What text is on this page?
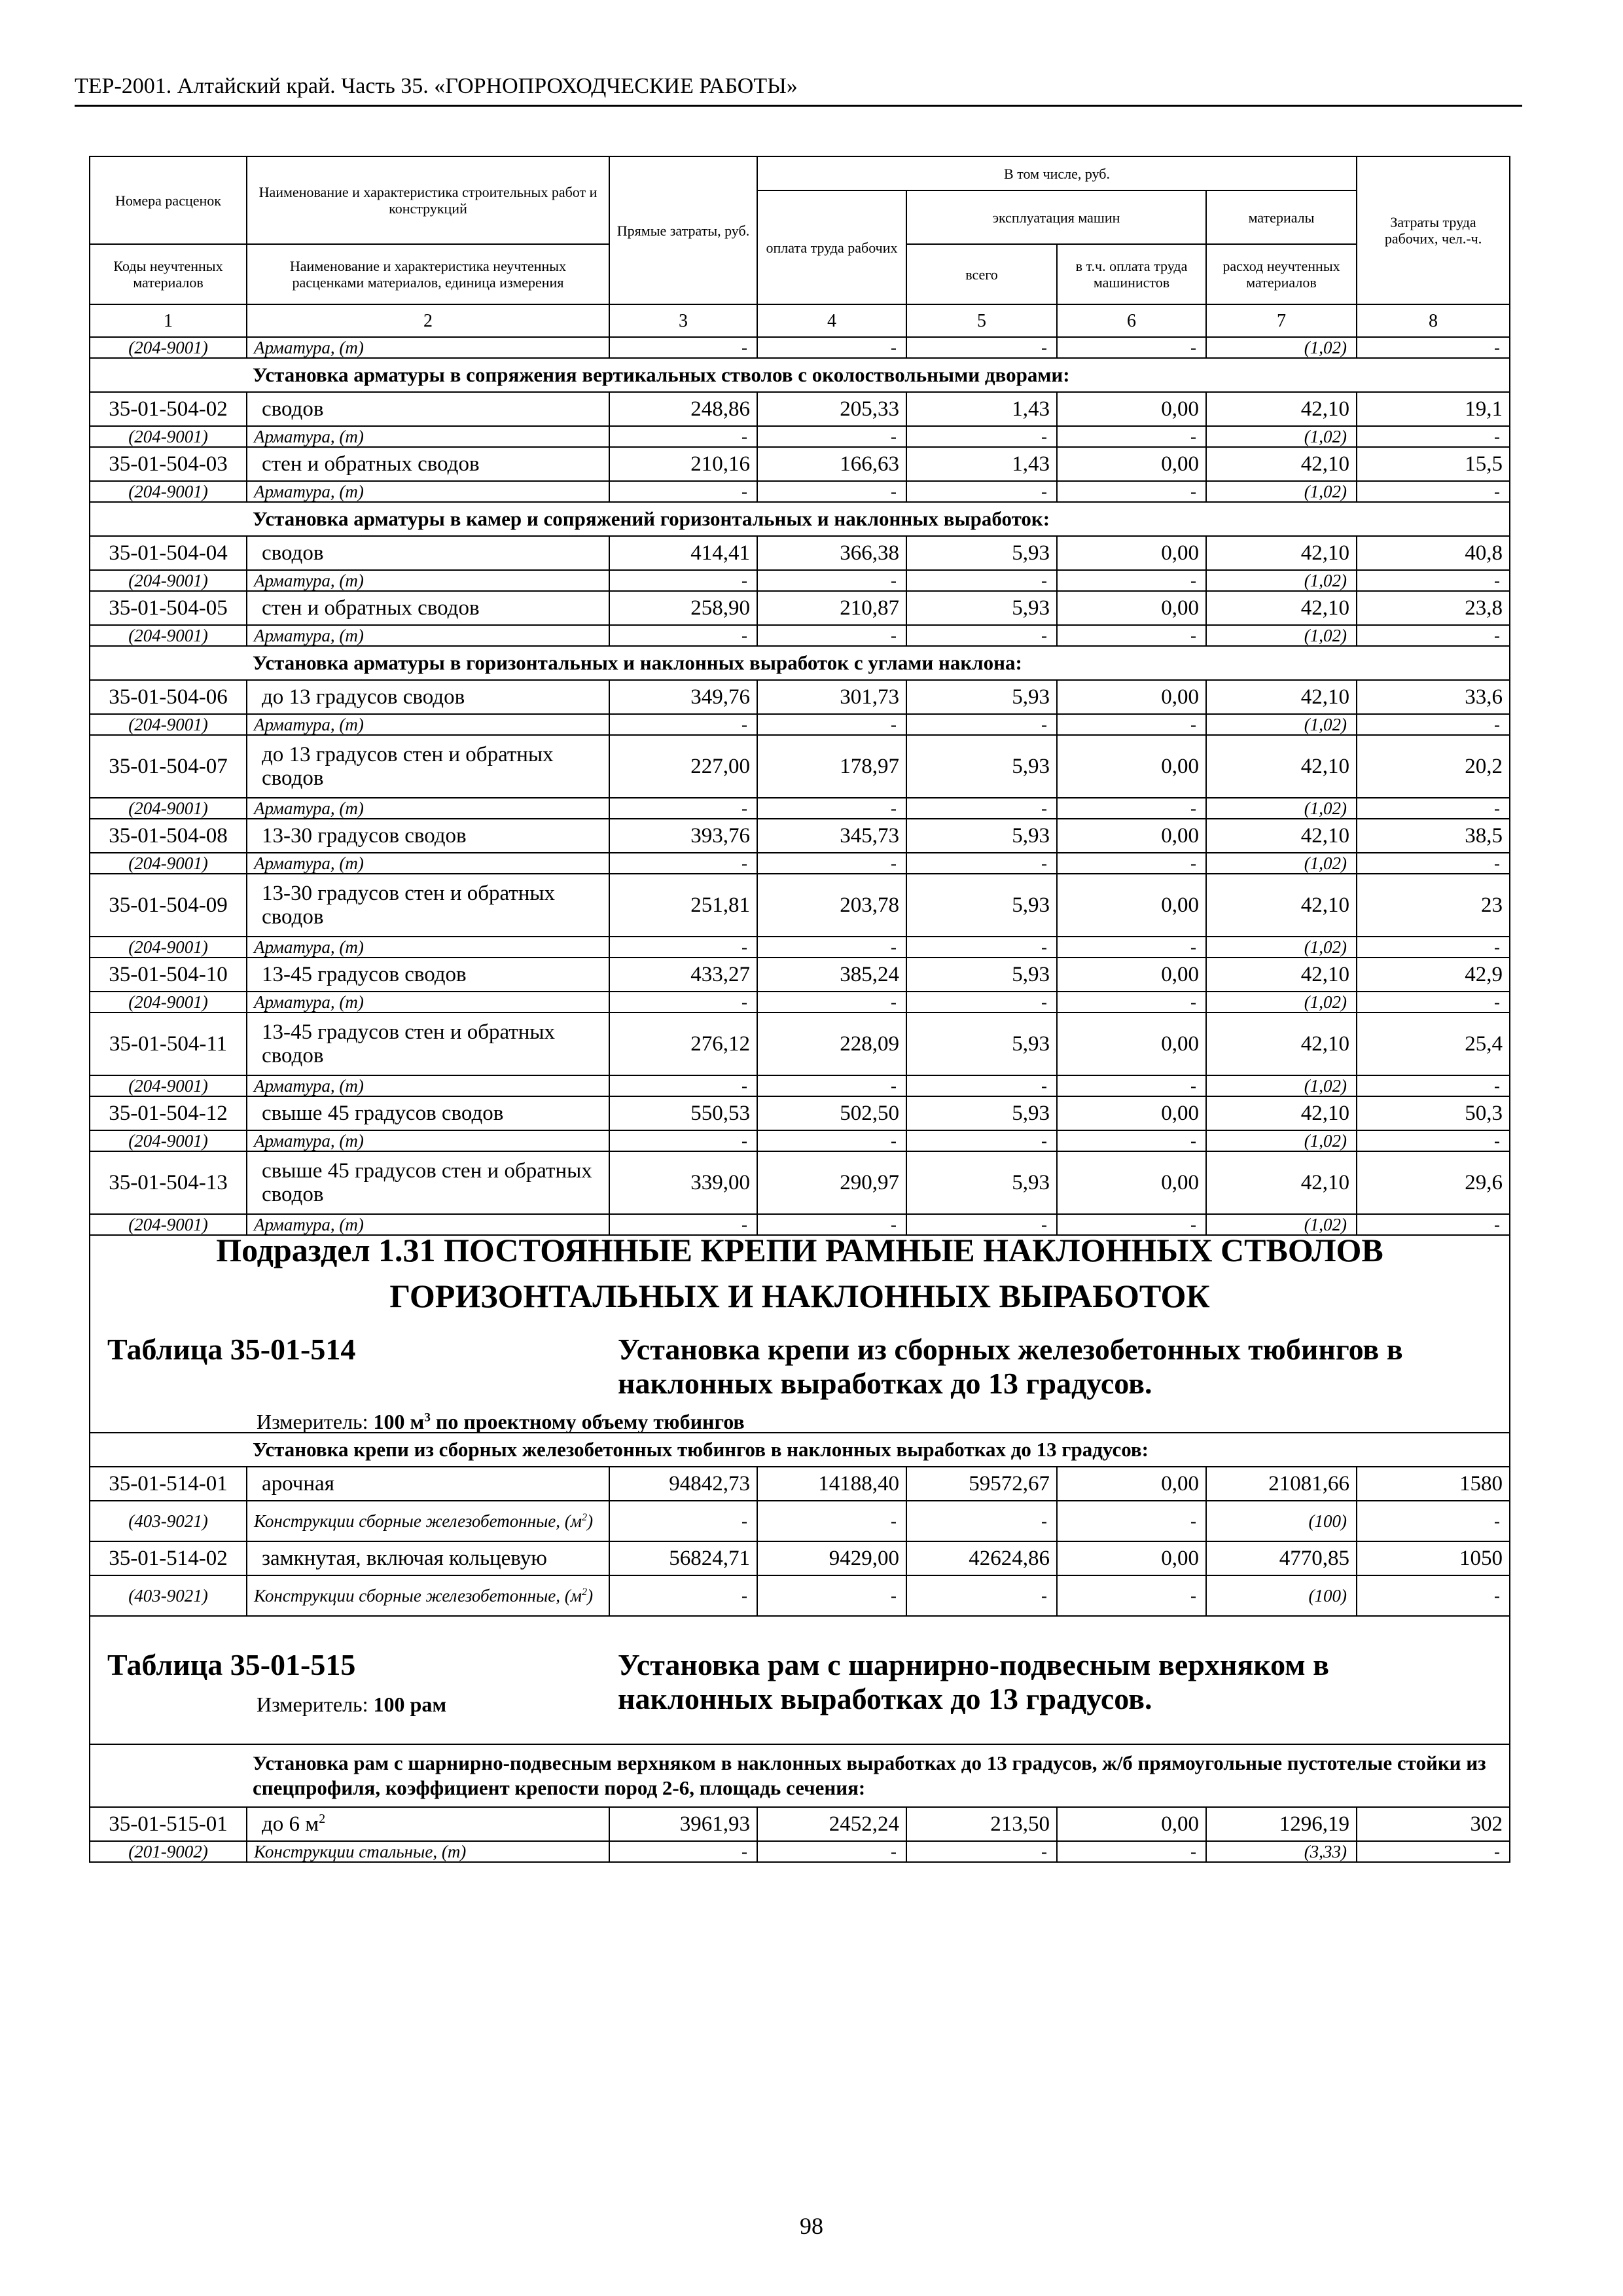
ТЕР-2001. Алтайский край. Часть 35. «ГОРНОПРОХОДЧЕСКИЕ РАБОТЫ»
Номера расценок	Наименование и характеристика строительных работ и конструкций	Прямые затраты, руб.	В том числе, руб.				Затраты труда рабочих, чел.-ч.
			оплата труда рабочих	эксплуатация машин		материалы	
Коды неучтенных материалов	Наименование и характеристика неучтенных расценками материалов, единица измерения			всего	в т.ч. оплата труда машинистов	расход неучтенных материалов	
1	2	3	4	5	6	7	8
(204-9001)	Арматура, (т)	-	-	-	-	(1,02)	-
Установка арматуры в сопряжения вертикальных стволов с околоствольными дворами:							
35-01-504-02	сводов	248,86	205,33	1,43	0,00	42,10	19,1
(204-9001)	Арматура, (т)	-	-	-	-	(1,02)	-
35-01-504-03	стен и обратных сводов	210,16	166,63	1,43	0,00	42,10	15,5
(204-9001)	Арматура, (т)	-	-	-	-	(1,02)	-
Установка арматуры в камер и сопряжений горизонтальных и наклонных выработок:							
35-01-504-04	сводов	414,41	366,38	5,93	0,00	42,10	40,8
(204-9001)	Арматура, (т)	-	-	-	-	(1,02)	-
35-01-504-05	стен и обратных сводов	258,90	210,87	5,93	0,00	42,10	23,8
(204-9001)	Арматура, (т)	-	-	-	-	(1,02)	-
Установка арматуры в горизонтальных и наклонных выработок с углами наклона:							
35-01-504-06	до 13 градусов сводов	349,76	301,73	5,93	0,00	42,10	33,6
(204-9001)	Арматура, (т)	-	-	-	-	(1,02)	-
35-01-504-07	до 13 градусов стен и обратных сводов	227,00	178,97	5,93	0,00	42,10	20,2
(204-9001)	Арматура, (т)	-	-	-	-	(1,02)	-
35-01-504-08	13-30 градусов сводов	393,76	345,73	5,93	0,00	42,10	38,5
(204-9001)	Арматура, (т)	-	-	-	-	(1,02)	-
35-01-504-09	13-30 градусов стен и обратных сводов	251,81	203,78	5,93	0,00	42,10	23
(204-9001)	Арматура, (т)	-	-	-	-	(1,02)	-
35-01-504-10	13-45 градусов сводов	433,27	385,24	5,93	0,00	42,10	42,9
(204-9001)	Арматура, (т)	-	-	-	-	(1,02)	-
35-01-504-11	13-45 градусов стен и обратных сводов	276,12	228,09	5,93	0,00	42,10	25,4
(204-9001)	Арматура, (т)	-	-	-	-	(1,02)	-
35-01-504-12	свыше 45 градусов сводов	550,53	502,50	5,93	0,00	42,10	50,3
(204-9001)	Арматура, (т)	-	-	-	-	(1,02)	-
35-01-504-13	свыше 45 градусов стен и обратных сводов	339,00	290,97	5,93	0,00	42,10	29,6
(204-9001)	Арматура, (т)	-	-	-	-	(1,02)	-

Подраздел 1.31 ПОСТОЯННЫЕ КРЕПИ РАМНЫЕ НАКЛОННЫХ СТВОЛОВ
ГОРИЗОНТАЛЬНЫХ И НАКЛОННЫХ ВЫРАБОТОК
Таблица 35-01-514 Установка крепи из сборных железобетонных тюбингов в наклонных выработках до 13 градусов.
Измеритель: 100 $м^3$ по проектному объему тюбингов							

Установка крепи из сборных железобетонных тюбингов в наклонных выработках до 13 градусов:							
35-01-514-01	арочная	94842,73	14188,40	59572,67	0,00	21081,66	1580
(403-9021)	Конструкции сборные железобетонные, $(м^2)$	-	-	-	-	(100)	-
35-01-514-02	замкнутая, включая кольцевую	56824,71	9429,00	42624,86	0,00	4770,85	1050
(403-9021)	Конструкции сборные железобетонные, $(м^2)$	-	-	-	-	(100)	-

Таблица 35-01-515 Установка рам с шарнирно-подвесным верхняком в наклонных выработках до 13 градусов.
Измеритель: 100 рам							

Установка рам с шарнирно-подвесным верхняком в наклонных выработках до 13 градусов, ж/б прямоугольные пустотелые стойки из спецпрофиля, коэффициент крепости пород 2-6, площадь сечения:							
35-01-515-01	до 6 $м^2$	3961,93	2452,24	213,50	0,00	1296,19	302
(201-9002)	Конструкции стальные, (т)	-	-	-	-	(3,33)	-
98
